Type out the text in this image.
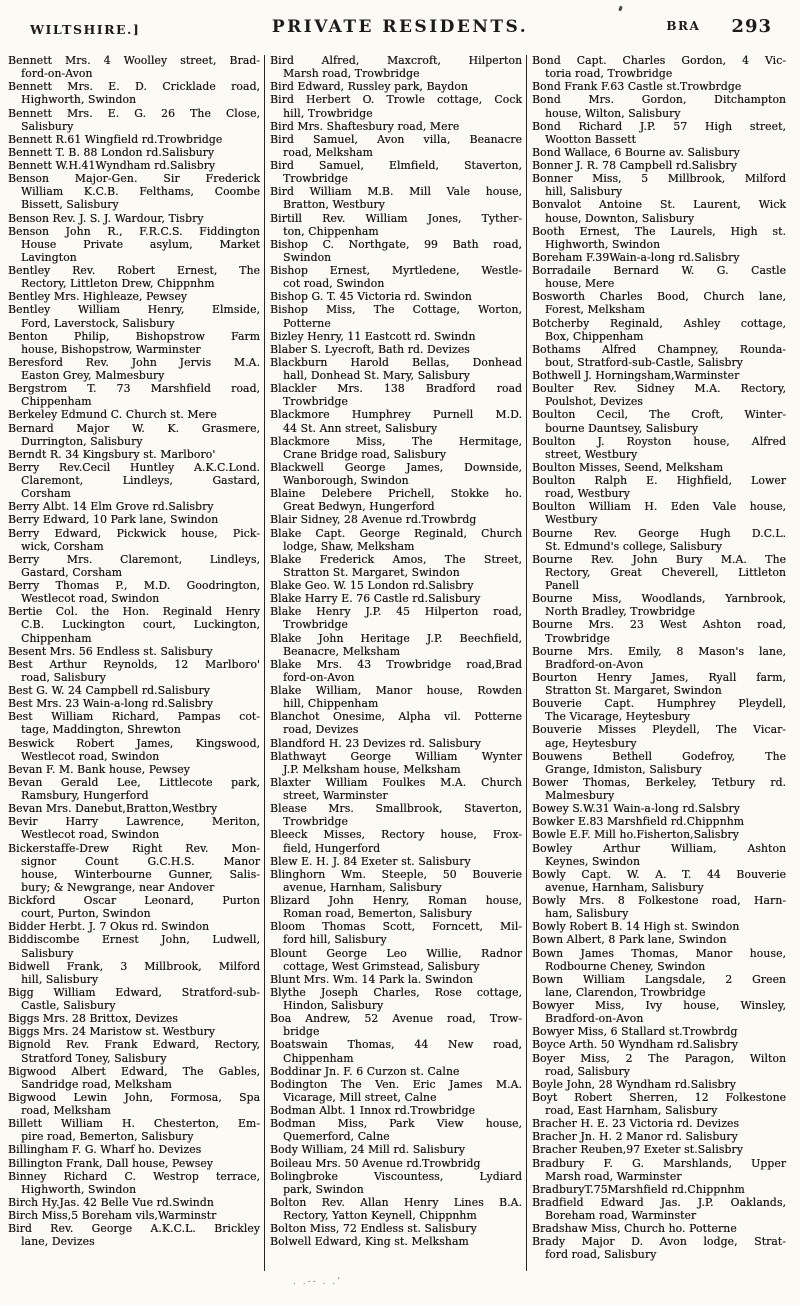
WILTSHIRE.]	PRIVATE RESIDENTS.	$^{BRA}$ 293
Bennett Mrs. 4 Woolley street, Brad-
ford-on-Avon
Bennett Mrs. E. D. Cricklade road,
Highworth, Swindon
Bennett Mrs. E. G. 26 The Close,
Salisbury
Bennett R.61 Wingfield rd.Trowbridge
Bennett T. B. 88 London rd.Salisbury
Bennett W.H.41Wyndham rd.Salisbry
Benson Major-Gen. Sir Frederick
William K.C.B. Felthams, Coombe
Bissett, Salisbury
Benson Rev. J. S. J. Wardour, Tisbry
Benson John R., F.R.C.S. Fiddington
House Private asylum, Market
Lavington
Bentley Rev. Robert Ernest, The
Rectory, Littleton Drew, Chippnhm
Bentley Mrs. Highleaze, Pewsey
Bentley William Henry, Elmside,
Ford, Laverstock, Salisbury
Benton Philip, Bishopstrow Farm
house, Bishopstrow, Warminster
Beresford Rev. John Jervis M.A.
Easton Grey, Malmesbury
Bergstrom T. 73 Marshfield road,
Chippenham
Berkeley Edmund C. Church st. Mere
Bernard Major W. K. Grasmere,
Durrington, Salisbury
Berndt R. 34 Kingsbury st. Marlboro'
Berry Rev.Cecil Huntley A.K.C.Lond.
Claremont, Lindleys, Gastard,
Corsham
Berry Albt. 14 Elm Grove rd.Salisbry
Berry Edward, 10 Park lane, Swindon
Berry Edward, Pickwick house, Pick-
wick, Corsham
Berry Mrs. Claremont, Lindleys,
Gastard, Corsham
Berry Thomas P., M.D. Goodrington,
Westlecot road, Swindon
Bertie Col. the Hon. Reginald Henry
C.B. Luckington court, Luckington,
Chippenham
Besent Mrs. 56 Endless st. Salisbury
Best Arthur Reynolds, 12 Marlboro'
road, Salisbury
Best G. W. 24 Campbell rd.Salisbury
Best Mrs. 23 Wain-a-long rd.Salisbry
Best William Richard, Pampas cot-
tage, Maddington, Shrewton
Beswick Robert James, Kingswood,
Westlecot road, Swindon
Bevan F. M. Bank house, Pewsey
Bevan Gerald Lee, Littlecote park,
Ramsbury, Hungerford
Bevan Mrs. Danebut,Bratton,Westbry
Bevir Harry Lawrence, Meriton,
Westlecot road, Swindon
Bickerstaffe-Drew Right Rev. Mon-
signor Count G.C.H.S. Manor
house, Winterbourne Gunner, Salis-
bury; & Newgrange, near Andover
Bickford Oscar Leonard, Purton
court, Purton, Swindon
Bidder Herbt. J. 7 Okus rd. Swindon
Biddiscombe Ernest John, Ludwell,
Salisbury
Bidwell Frank, 3 Millbrook, Milford
hill, Salisbury
Bigg William Edward, Stratford-sub-
Castle, Salisbury
Biggs Mrs. 28 Brittox, Devizes
Biggs Mrs. 24 Maristow st. Westbury
Bignold Rev. Frank Edward, Rectory,
Stratford Toney, Salisbury
Bigwood Albert Edward, The Gables,
Sandridge road, Melksham
Bigwood Lewin John, Formosa, Spa
road, Melksham
Billett William H. Chesterton, Em-
pire road, Bemerton, Salisbury
Billingham F. G. Wharf ho. Devizes
Billington Frank, Dall house, Pewsey
Binney Richard C. Westrop terrace,
Highworth, Swindon
Birch Hy.Jas. 42 Belle Vue rd.Swindn
Birch Miss,5 Boreham vils,Warminstr
Bird Rev. George A.K.C.L. Brickley
lane, Devizes
Bird Alfred, Maxcroft, Hilperton
Marsh road, Trowbridge
Bird Edward, Russley park, Baydon
Bird Herbert O. Trowle cottage, Cock
hill, Trowbridge
Bird Mrs. Shaftesbury road, Mere
Bird Samuel, Avon villa, Beanacre
road, Melksham
Bird Samuel, Elmfield, Staverton,
Trowbridge
Bird William M.B. Mill Vale house,
Bratton, Westbury
Birtill Rev. William Jones, Tyther-
ton, Chippenham
Bishop C. Northgate, 99 Bath road,
Swindon
Bishop Ernest, Myrtledene, Westle-
cot road, Swindon
Bishop G. T. 45 Victoria rd. Swindon
Bishop Miss, The Cottage, Worton,
Potterne
Bizley Henry, 11 Eastcott rd. Swindn
Blaber S. Lyecroft, Bath rd. Devizes
Blackburn Harold Bellas, Donhead
hall, Donhead St. Mary, Salisbury
Blackler Mrs. 138 Bradford road
Trowbridge
Blackmore Humphrey Purnell M.D.
44 St. Ann street, Salisbury
Blackmore Miss, The Hermitage,
Crane Bridge road, Salisbury
Blackwell George James, Downside,
Wanborough, Swindon
Blaine Delebere Prichell, Stokke ho.
Great Bedwyn, Hungerford
Blair Sidney, 28 Avenue rd.Trowbrdg
Blake Capt. George Reginald, Church
lodge, Shaw, Melksham
Blake Frederick Amos, The Street,
Stratton St. Margaret, Swindon
Blake Geo. W. 15 London rd.Salisbry
Blake Harry E. 76 Castle rd.Salisbury
Blake Henry J.P. 45 Hilperton road,
Trowbridge
Blake John Heritage J.P. Beechfield,
Beanacre, Melksham
Blake Mrs. 43 Trowbridge road,Brad
ford-on-Avon
Blake William, Manor house, Rowden
hill, Chippenham
Blanchot Onesime, Alpha vil. Potterne
road, Devizes
Blandford H. 23 Devizes rd. Salisbury
Blathwayt George William Wynter
J.P. Melksham house, Melksham
Blaxter William Foulkes M.A. Church
street, Warminster
Blease Mrs. Smallbrook, Staverton,
Trowbridge
Bleeck Misses, Rectory house, Frox-
field, Hungerford
Blew E. H. J. 84 Exeter st. Salisbury
Blinghorn Wm. Steeple, 50 Bouverie
avenue, Harnham, Salisbury
Blizard John Henry, Roman house,
Roman road, Bemerton, Salisbury
Bloom Thomas Scott, Forncett, Mil-
ford hill, Salisbury
Blount George Leo Willie, Radnor
cottage, West Grimstead, Salisbury
Blunt Mrs. Wm. 14 Park la. Swindon
Blythe Joseph Charles, Rose cottage,
Hindon, Salisbury
Boa Andrew, 52 Avenue road, Trow-
bridge
Boatswain Thomas, 44 New road,
Chippenham
Boddinar Jn. F. 6 Curzon st. Calne
Bodington The Ven. Eric James M.A.
Vicarage, Mill street, Calne
Bodman Albt. 1 Innox rd.Trowbridge
Bodman Miss, Park View house,
Quemerford, Calne
Body William, 24 Mill rd. Salisbury
Boileau Mrs. 50 Avenue rd.Trowbridg
Bolingbroke Viscountess, Lydiard
park, Swindon
Bolton Rev. Allan Henry Lines B.A.
Rectory, Yatton Keynell, Chippnhm
Bolton Miss, 72 Endless st. Salisbury
Bolwell Edward, King st. Melksham
Bond Capt. Charles Gordon, 4 Vic-
toria road, Trowbridge
Bond Frank F.63 Castle st.Trowbrdge
Bond Mrs. Gordon, Ditchampton
house, Wilton, Salisbury
Bond Richard J.P. 57 High street,
Wootton Bassett
Bond Wallace, 6 Bourne av. Salisbury
Bonner J. R. 78 Campbell rd.Salisbry
Bonner Miss, 5 Millbrook, Milford
hill, Salisbury
Bonvalot Antoine St. Laurent, Wick
house, Downton, Salisbury
Booth Ernest, The Laurels, High st.
Highworth, Swindon
Boreham F.39Wain-a-long rd.Salisbry
Borradaile Bernard W. G. Castle
house, Mere
Bosworth Charles Bood, Church lane,
Forest, Melksham
Botcherby Reginald, Ashley cottage,
Box, Chippenham
Bothams Alfred Champney, Rounda-
bout, Stratford-sub-Castle, Salisbry
Bothwell J. Horningsham,Warminster
Boulter Rev. Sidney M.A. Rectory,
Poulshot, Devizes
Boulton Cecil, The Croft, Winter-
bourne Dauntsey, Salisbury
Boulton J. Royston house, Alfred
street, Westbury
Boulton Misses, Seend, Melksham
Boulton Ralph E. Highfield, Lower
road, Westbury
Boulton William H. Eden Vale house,
Westbury
Bourne Rev. George Hugh D.C.L.
St. Edmund's college, Salisbury
Bourne Rev. John Bury M.A. The
Rectory, Great Cheverell, Littleton
Panell
Bourne Miss, Woodlands, Yarnbrook,
North Bradley, Trowbridge
Bourne Mrs. 23 West Ashton road,
Trowbridge
Bourne Mrs. Emily, 8 Mason's lane,
Bradford-on-Avon
Bourton Henry James, Ryall farm,
Stratton St. Margaret, Swindon
Bouverie Capt. Humphrey Pleydell,
The Vicarage, Heytesbury
Bouverie Misses Pleydell, The Vicar-
age, Heytesbury
Bouwens Bethell Godefroy, The
Grange, Idmiston, Salisbury
Bower Thomas, Berkeley, Tetbury rd.
Malmesbury
Bowey S.W.31 Wain-a-long rd.Salsbry
Bowker E.83 Marshfield rd.Chippnhm
Bowle E.F. Mill ho.Fisherton,Salisbry
Bowley Arthur William, Ashton
Keynes, Swindon
Bowly Capt. W. A. T. 44 Bouverie
avenue, Harnham, Salisbury
Bowly Mrs. 8 Folkestone road, Harn-
ham, Salisbury
Bowly Robert B. 14 High st. Swindon
Bown Albert, 8 Park lane, Swindon
Bown James Thomas, Manor house,
Rodbourne Cheney, Swindon
Bown William Langsdale, 2 Green
lane, Clarendon, Trowbridge
Bowyer Miss, Ivy house, Winsley,
Bradford-on-Avon
Bowyer Miss, 6 Stallard st.Trowbrdg
Boyce Arth. 50 Wyndham rd.Salisbry
Boyer Miss, 2 The Paragon, Wilton
road, Salisbury
Boyle John, 28 Wyndham rd.Salisbry
Boyt Robert Sherren, 12 Folkestone
road, East Harnham, Salisbury
Bracher H. E. 23 Victoria rd. Devizes
Bracher Jn. H. 2 Manor rd. Salisbury
Bracher Reuben,97 Exeter st.Salisbry
Bradbury F. G. Marshlands, Upper
Marsh road, Warminster
BradburyT.75Marshfield rd.Chippnhm
Bradfield Edward Jas. J.P. Oaklands,
Boreham road, Warminster
Bradshaw Miss, Church ho. Potterne
Brady Major D. Avon lodge, Strat-
ford road, Salisbury
. .-- . .’
